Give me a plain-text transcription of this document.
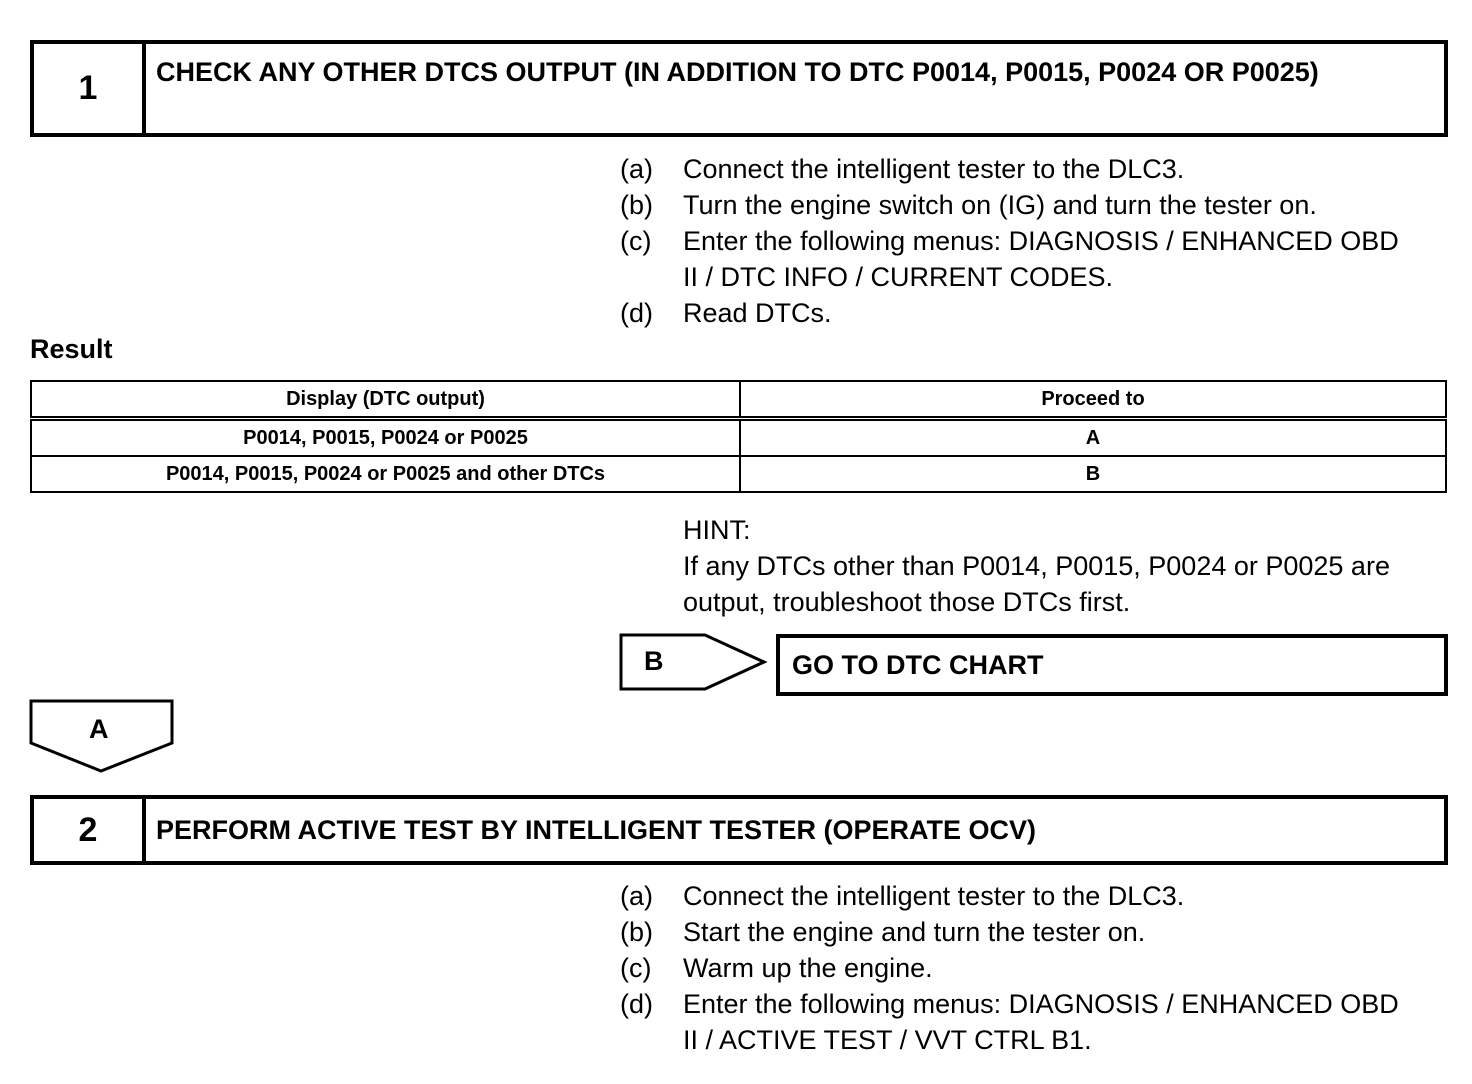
1	CHECK ANY OTHER DTCS OUTPUT (IN ADDITION TO DTC P0014, P0015, P0024 OR P0025)
(a)	Connect the intelligent tester to the DLC3.
(b)	Turn the engine switch on (IG) and turn the tester on.
(c)	Enter the following menus: DIAGNOSIS / ENHANCED OBD II / DTC INFO / CURRENT CODES.
(d)	Read DTCs.
Result
Display (DTC output)	Proceed to
P0014, P0015, P0024 or P0025	A
P0014, P0015, P0024 or P0025 and other DTCs	B
HINT:
If any DTCs other than P0014, P0015, P0024 or P0025 are output, troubleshoot those DTCs first.
B	GO TO DTC CHART
A
2	PERFORM ACTIVE TEST BY INTELLIGENT TESTER (OPERATE OCV)
(a)	Connect the intelligent tester to the DLC3.
(b)	Start the engine and turn the tester on.
(c)	Warm up the engine.
(d)	Enter the following menus: DIAGNOSIS / ENHANCED OBD II / ACTIVE TEST / VVT CTRL B1.
